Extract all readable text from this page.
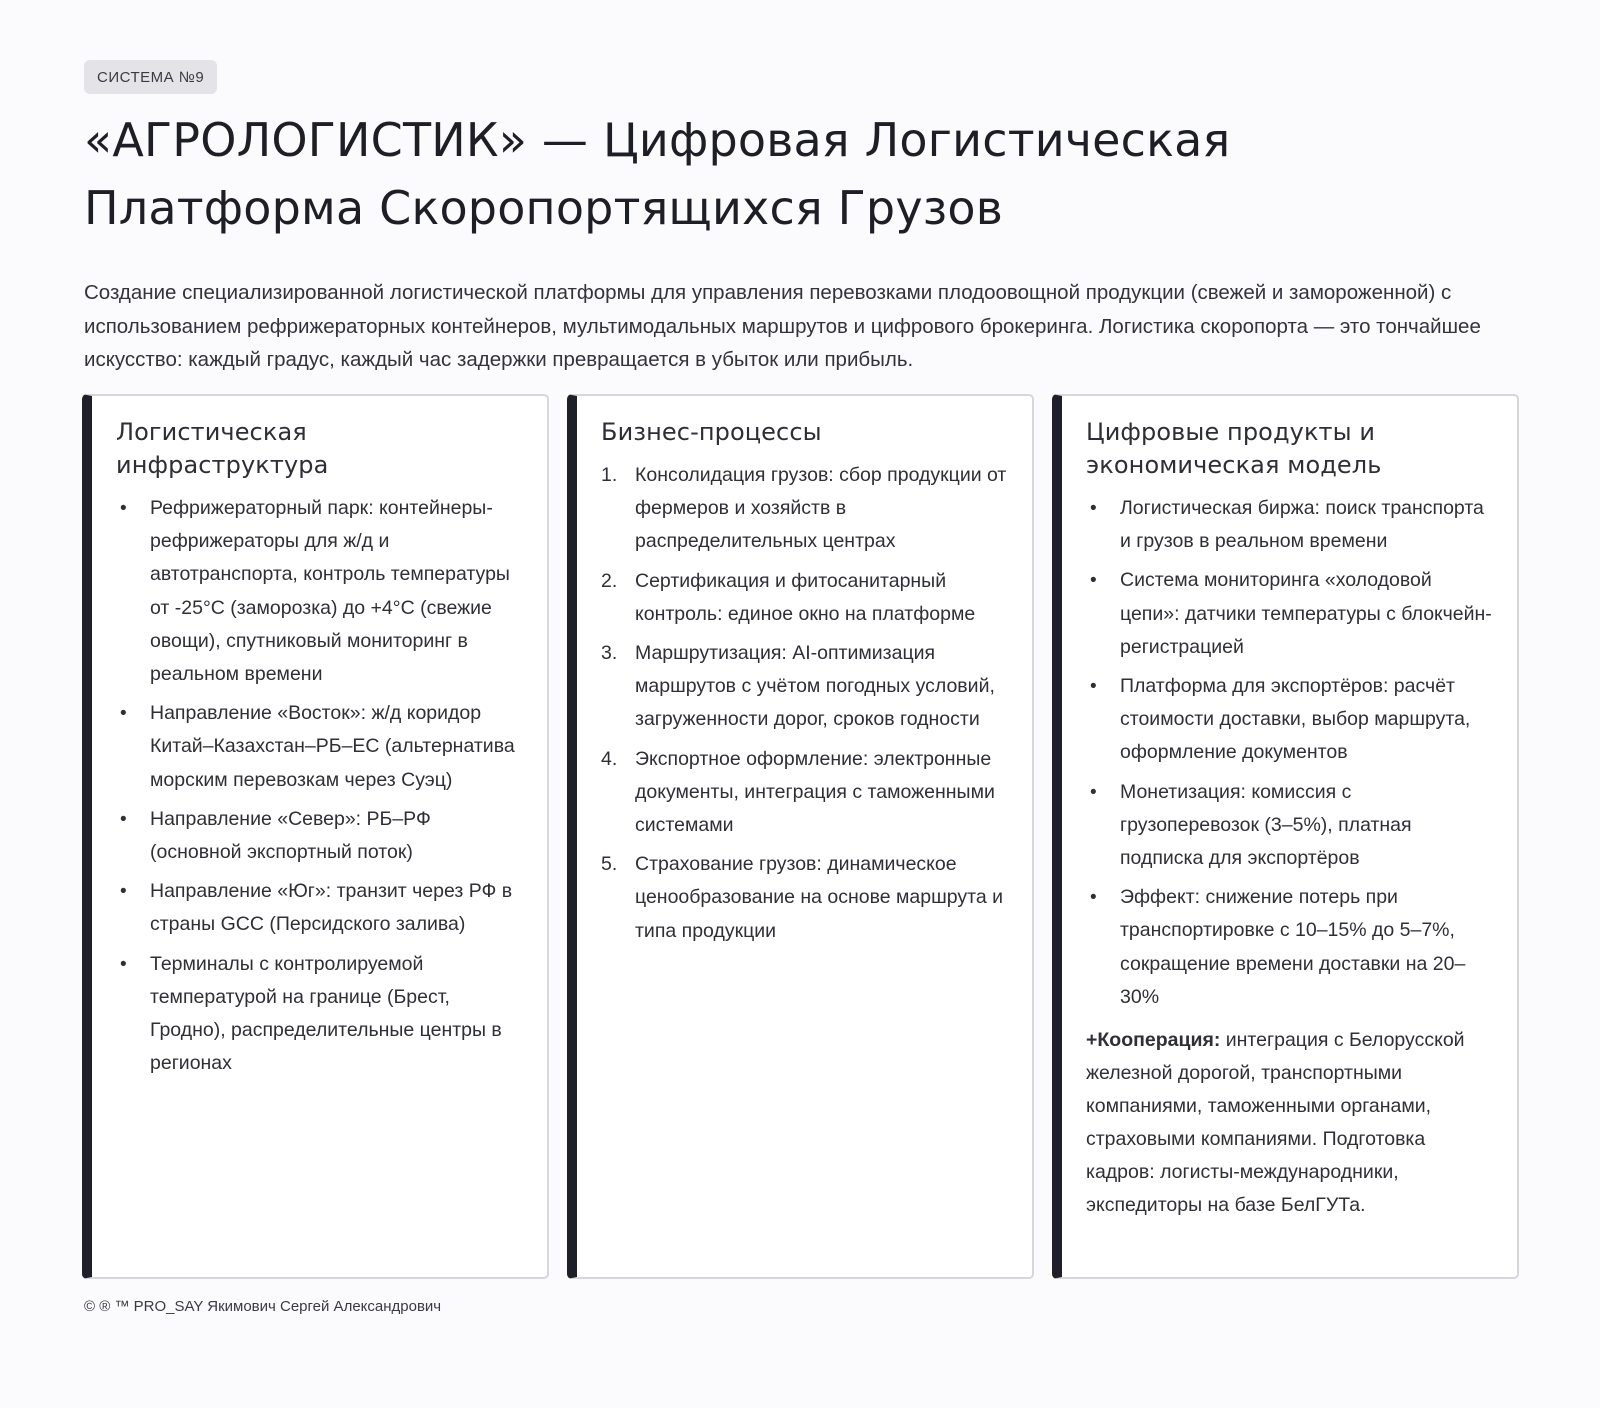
СИСТЕМА №9
«АГРОЛОГИСТИК» — Цифровая Логистическая Платформа Скоропортящихся Грузов

Создание специализированной логистической платформы для управления перевозками плодоовощной продукции (свежей и замороженной) с использованием рефрижераторных контейнеров, мультимодальных маршрутов и цифрового брокеринга. Логистика скоропорта — это тончайшее искусство: каждый градус, каждый час задержки превращается в убыток или прибыль.

Логистическая инфраструктура
• Рефрижераторный парк: контейнеры-рефрижераторы для ж/д и автотранспорта, контроль температуры от -25°C (заморозка) до +4°C (свежие овощи), спутниковый мониторинг в реальном времени
• Направление «Восток»: ж/д коридор Китай–Казахстан–РБ–ЕС (альтернатива морским перевозкам через Суэц)
• Направление «Север»: РБ–РФ (основной экспортный поток)
• Направление «Юг»: транзит через РФ в страны GCC (Персидского залива)
• Терминалы с контролируемой температурой на границе (Брест, Гродно), распределительные центры в регионах
Бизнес-процессы
1. Консолидация грузов: сбор продукции от фермеров и хозяйств в распределительных центрах
2. Сертификация и фитосанитарный контроль: единое окно на платформе
3. Маршрутизация: AI-оптимизация маршрутов с учётом погодных условий, загруженности дорог, сроков годности
4. Экспортное оформление: электронные документы, интеграция с таможенными системами
5. Страхование грузов: динамическое ценообразование на основе маршрута и типа продукции
Цифровые продукты и экономическая модель
• Логистическая биржа: поиск транспорта и грузов в реальном времени
• Система мониторинга «холодовой цепи»: датчики температуры с блокчейн-регистрацией
• Платформа для экспортёров: расчёт стоимости доставки, выбор маршрута, оформление документов
• Монетизация: комиссия с грузоперевозок (3–5%), платная подписка для экспортёров
• Эффект: снижение потерь при транспортировке с 10–15% до 5–7%, сокращение времени доставки на 20–30%

+Кооперация: интеграция с Белорусской железной дорогой, транспортными компаниями, таможенными органами, страховыми компаниями. Подготовка кадров: логисты-международники, экспедиторы на базе БелГУТа.

© ® ™ PRO_SAY Якимович Сергей Александрович
